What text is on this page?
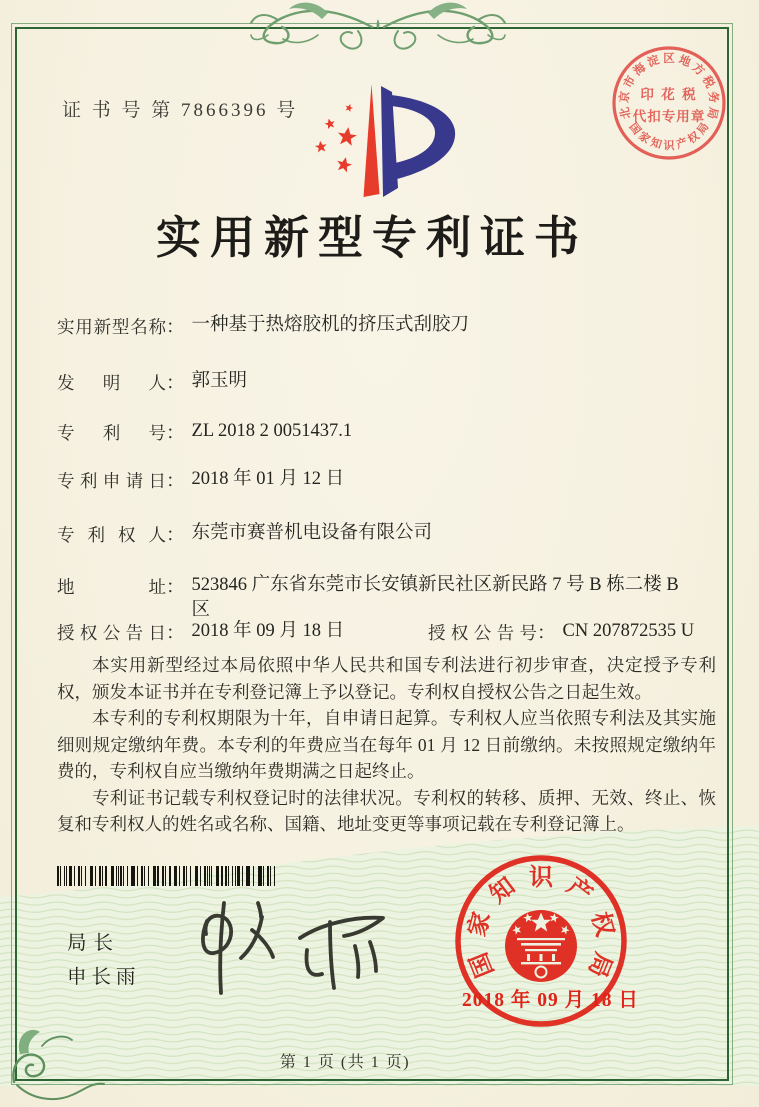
国
家
知 识 产
权
局
北
京
市
海
淀 区 地
方
税
务
局
国
家
知 识 产
权
局
印 花 税
代扣专用章
证 书 号 第 7866396 号
实用新型专利证书
实用新型名称 ： 一种基于热熔胶机的挤压式刮胶刀
发明人 ： 郭玉明
专利号 ： ZL 2018 2 0051437.1
专利申请日 ： 2018 年 01 月 12 日
专利权人 ： 东莞市赛普机电设备有限公司
地址 ： 523846 广东省东莞市长安镇新民社区新民路 7 号 B 栋二楼 B 区
授权公告日 ： 2018 年 09 月 18 日	授权公告号 ： CN 207872535 U

本实用新型经过本局依照中华人民共和国专利法进行初步审查，决定授予专利权，颁发本证书并在专利登记簿上予以登记。专利权自授权公告之日起生效。

本专利的专利权期限为十年，自申请日起算。专利权人应当依照专利法及其实施细则规定缴纳年费。本专利的年费应当在每年 01 月 12 日前缴纳。未按照规定缴纳年费的，专利权自应当缴纳年费期满之日起终止。

专利证书记载专利权登记时的法律状况。专利权的转移、质押、无效、终止、恢复和专利权人的姓名或名称、国籍、地址变更等事项记载在专利登记簿上。

局长
申长雨
2018 年 09 月 18 日
第 1 页 (共 1 页)
